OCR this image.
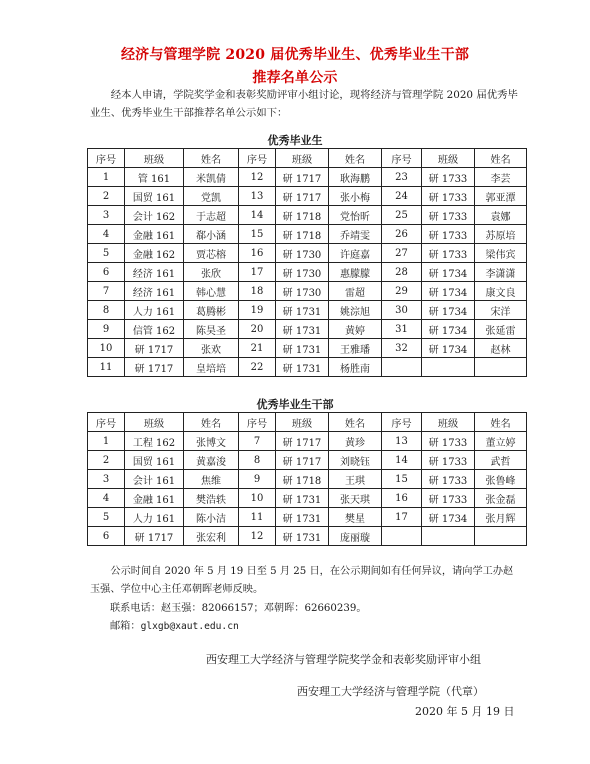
经济与管理学院 2020 届优秀毕业生、优秀毕业生干部
推荐名单公示
经本人申请，学院奖学金和表彰奖励评审小组讨论，现将经济与管理学院 2020 届优秀毕业生、优秀毕业生干部推荐名单公示如下：
优秀毕业生
序号	班级	姓名	序号	班级	姓名	序号	班级	姓名
1	管 161	米凯倩	12	研 1717	耿海鹏	23	研 1733	李芸
2	国贸 161	党凯	13	研 1717	张小梅	24	研 1733	郭亚潭
3	会计 162	于志超	14	研 1718	党怡昕	25	研 1733	袁娜
4	金融 161	郗小涵	15	研 1718	乔靖雯	26	研 1733	苏原培
5	金融 162	贾芯榕	16	研 1730	许庭嘉	27	研 1733	梁伟宾
6	经济 161	张欣	17	研 1730	惠朦朦	28	研 1734	李潇潇
7	经济 161	韩心慧	18	研 1730	雷超	29	研 1734	康文良
8	人力 161	葛腾彬	19	研 1731	姚淙旭	30	研 1734	宋洋
9	信管 162	陈昊圣	20	研 1731	黄婷	31	研 1734	张延雷
10	研 1717	张欢	21	研 1731	王雅璠	32	研 1734	赵林
11	研 1717	皇培培	22	研 1731	杨胜南			
优秀毕业生干部
序号	班级	姓名	序号	班级	姓名	序号	班级	姓名
1	工程 162	张博文	7	研 1717	黄珍	13	研 1733	董立婷
2	国贸 161	黄嘉浚	8	研 1717	刘晓钰	14	研 1733	武哲
3	会计 161	焦维	9	研 1718	王琪	15	研 1733	张鲁峰
4	金融 161	樊浩轶	10	研 1731	张天琪	16	研 1733	张金磊
5	人力 161	陈小洁	11	研 1731	樊星	17	研 1734	张月辉
6	研 1717	张宏利	12	研 1731	庞丽璇			
公示时间自 2020 年 5 月 19 日至 5 月 25 日，在公示期间如有任何异议，请向学工办赵玉强、学位中心主任邓朝晖老师反映。
联系电话：赵玉强：82066157；邓朝晖：62660239。
邮箱：glxgb@xaut.edu.cn
西安理工大学经济与管理学院奖学金和表彰奖励评审小组
西安理工大学经济与管理学院（代章）
2020 年 5 月 19 日
